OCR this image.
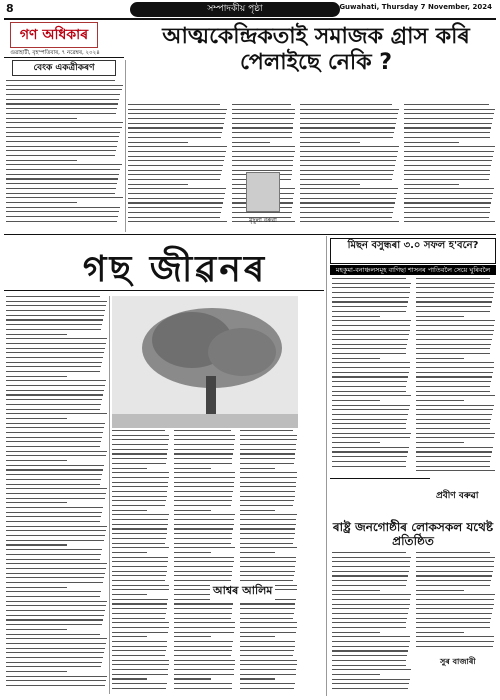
8	সম্পাদকীয় পৃষ্ঠা	Guwahati, Thursday 7 November, 2024
গণ অধিকাৰ
গুৱাহাটী, বৃহস্পতিবাৰ, ৭ নৱেম্বৰ, ২০২৪
বেংক একত্ৰীকৰণ
আত্মকেন্দ্ৰিকতাই সমাজক গ্ৰাস কৰি পেলাইছে নেকি ?
মৃদুলা বৰুৱা
গছ জীৱনৰ
মিছন বসুন্ধৰা ৩.০ সফল হ'বনে?
মহকুমা-বনাঞ্চলসমূহ বাগিছা শাসনৰ পাতিবলৈ সেয়ে ঘুৰিবলৈ
আশ্বৰ আলিম
প্ৰবীণ বৰুৱা
ৰাষ্ট্ৰ জনগোষ্ঠীৰ লোকসকল যথেষ্ট প্ৰতিষ্ঠিত
সুৰ বাজাৰী
